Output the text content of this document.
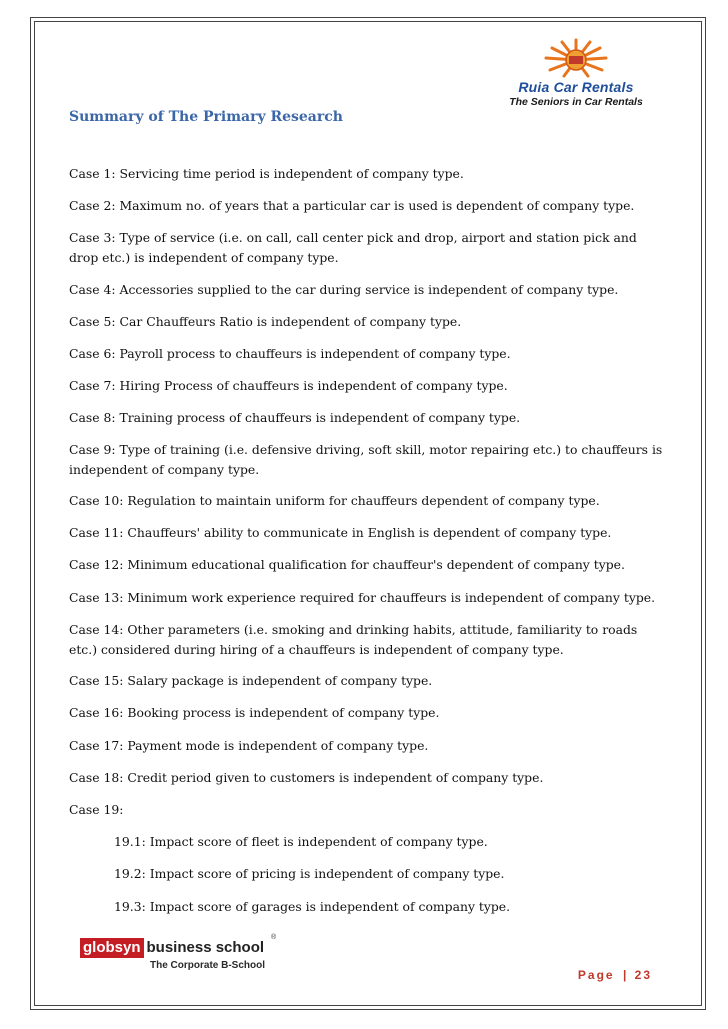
Ruia Car Rentals
The Seniors in Car Rentals
Summary of The Primary Research

Case 1: Servicing time period is independent of company type.

Case 2: Maximum no. of years that a particular car is used is dependent of company type.

Case 3: Type of service (i.e. on call, call center pick and drop, airport and station pick and drop etc.) is independent of company type.

Case 4: Accessories supplied to the car during service is independent of company type.

Case 5: Car Chauffeurs Ratio is independent of company type.

Case 6: Payroll process to chauffeurs is independent of company type.

Case 7: Hiring Process of chauffeurs is independent of company type.

Case 8: Training process of chauffeurs is independent of company type.

Case 9: Type of training (i.e. defensive driving, soft skill, motor repairing etc.) to chauffeurs is independent of company type.

Case 10: Regulation to maintain uniform for chauffeurs dependent of company type.

Case 11: Chauffeurs' ability to communicate in English is dependent of company type.

Case 12: Minimum educational qualification for chauffeur's dependent of company type.

Case 13: Minimum work experience required for chauffeurs is independent of company type.

Case 14: Other parameters (i.e. smoking and drinking habits, attitude, familiarity to roads etc.) considered during hiring of a chauffeurs is independent of company type.

Case 15: Salary package is independent of company type.

Case 16: Booking process is independent of company type.

Case 17: Payment mode is independent of company type.

Case 18: Credit period given to customers is independent of company type.

Case 19:

19.1: Impact score of fleet is independent of company type.

19.2: Impact score of pricing is independent of company type.

19.3: Impact score of garages is independent of company type.

globsyn business school
®
The Corporate B-School
Page | 23
